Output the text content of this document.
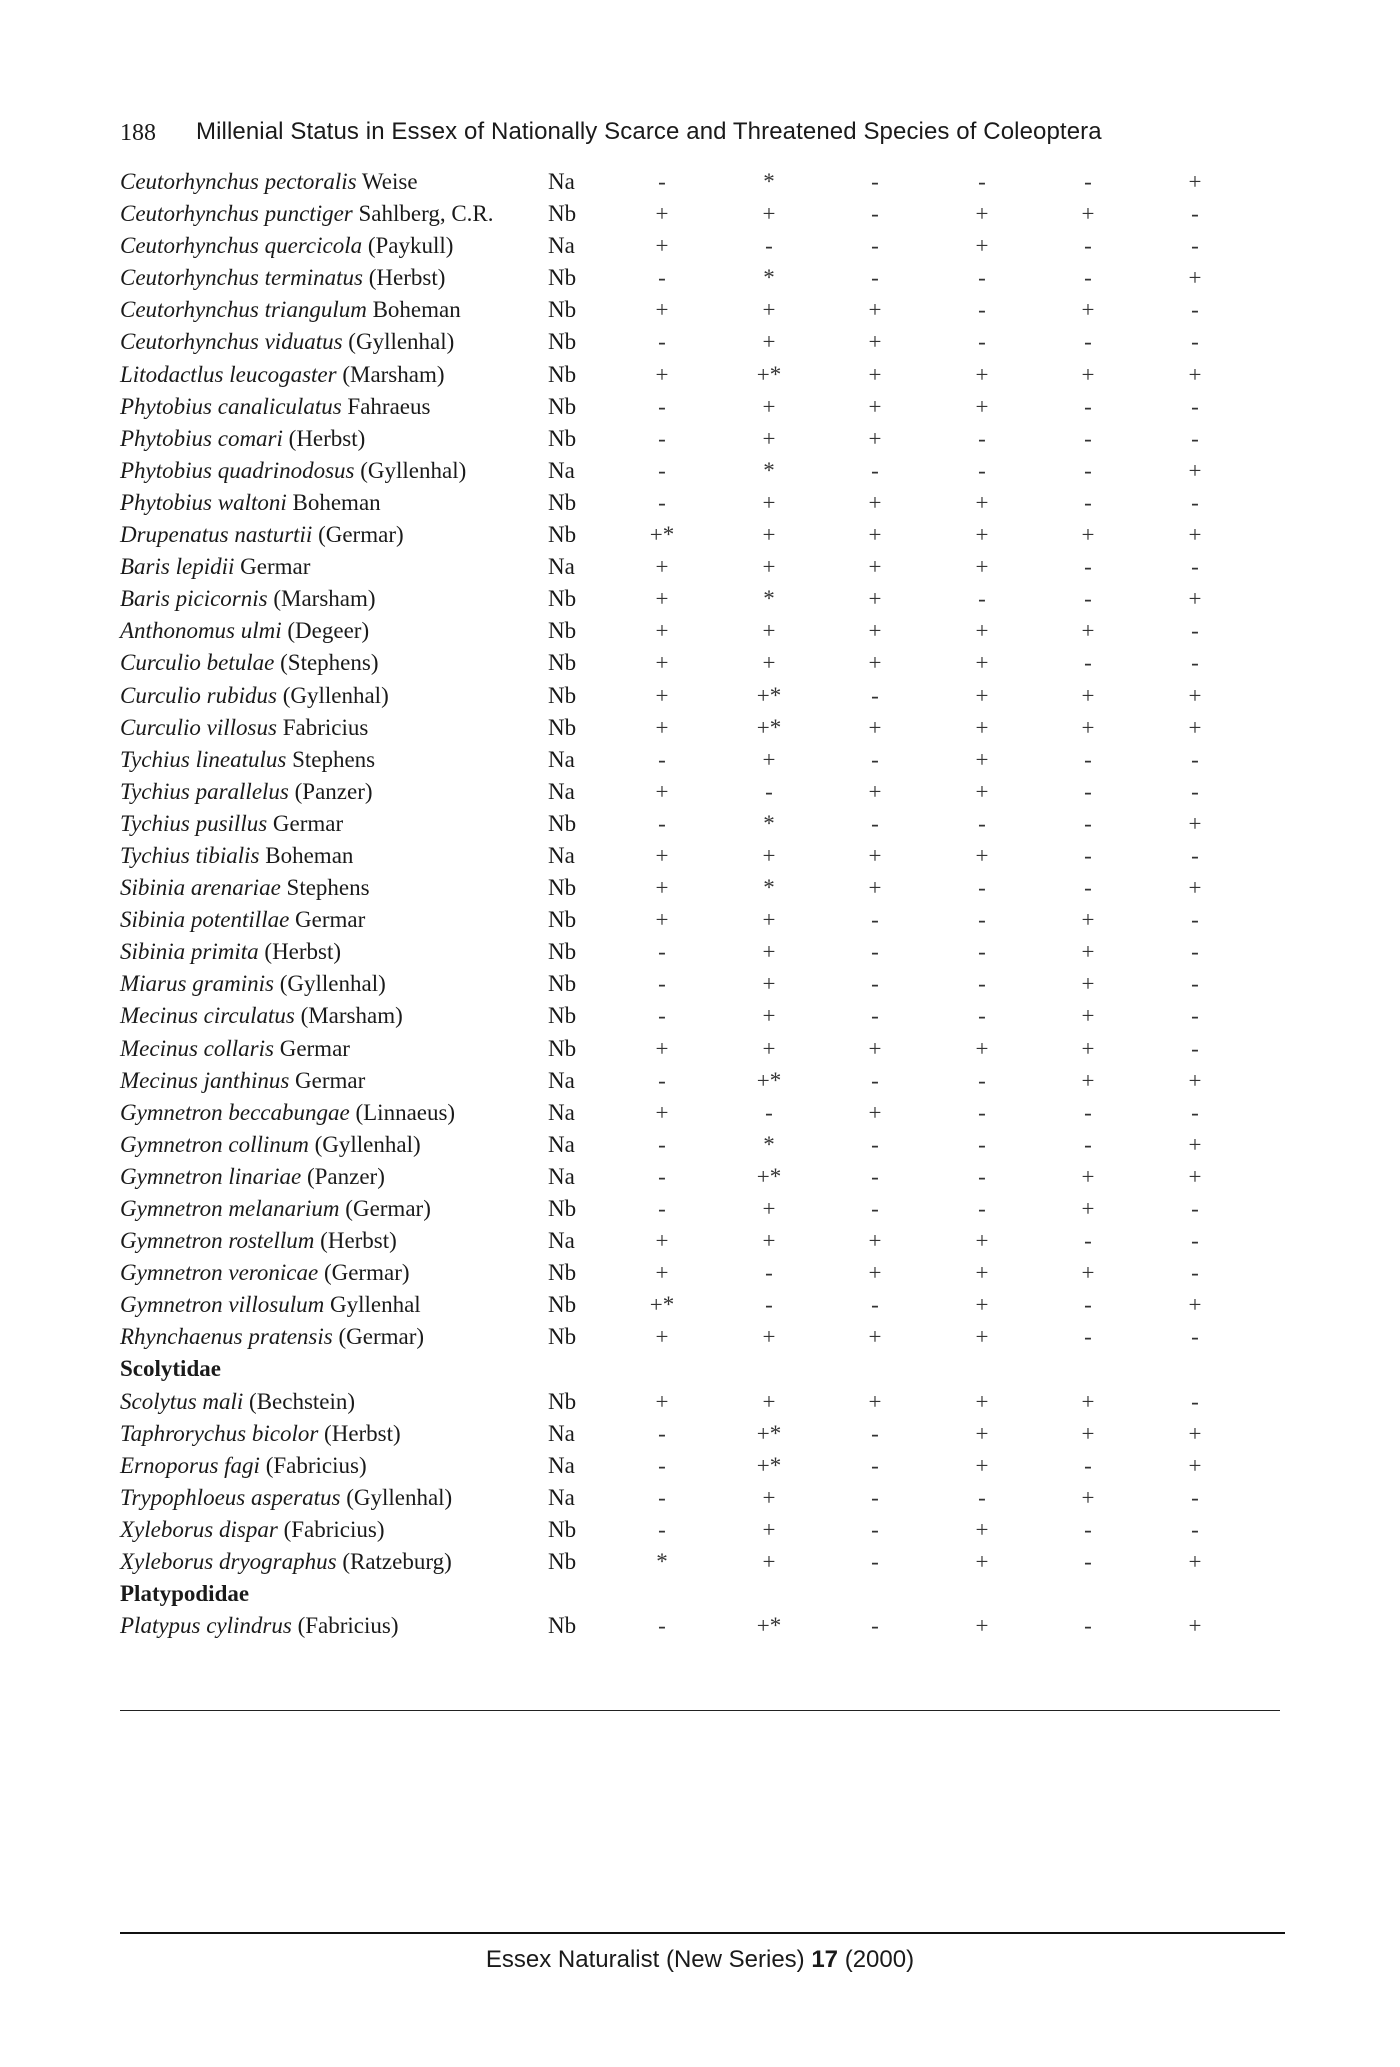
188 Millenial Status in Essex of Nationally Scarce and Threatened Species of Coleoptera
Ceutorhynchus pectoralis Weise	Na	-	*	-	-	-	+
Ceutorhynchus punctiger Sahlberg, C.R. Nb	+	+	-	+	+	-
Ceutorhynchus quercicola (Paykull)	Na	+	-	-	+	-	-
Ceutorhynchus terminatus (Herbst)	Nb	-	*	-	-	-	+
Ceutorhynchus triangulum Boheman	Nb	+	+	+	-	+	-
Ceutorhynchus viduatus (Gyllenhal)	Nb	-	+	+	-	-	-
Litodactlus leucogaster (Marsham)	Nb	+	+*	+	+	+	+
Phytobius canaliculatus Fahraeus	Nb	-	+	+	+	-	-
Phytobius comari (Herbst)	Nb	-	+	+	-	-	-
Phytobius quadrinodosus (Gyllenhal)	Na	-	*	-	-	-	+
Phytobius waltoni Boheman	Nb	-	+	+	+	-	-
Drupenatus nasturtii (Germar)	Nb	+*	+	+	+	+	+
Baris lepidii Germar	Na	+	+	+	+	-	-
Baris picicornis (Marsham)	Nb	+	*	+	-	-	+
Anthonomus ulmi (Degeer)	Nb	+	+	+	+	+	-
Curculio betulae (Stephens)	Nb	+	+	+	+	-	-
Curculio rubidus (Gyllenhal)	Nb	+	+*	-	+	+	+
Curculio villosus Fabricius	Nb	+	+*	+	+	+	+
Tychius lineatulus Stephens	Na	-	+	-	+	-	-
Tychius parallelus (Panzer)	Na	+	-	+	+	-	-
Tychius pusillus Germar	Nb	-	*	-	-	-	+
Tychius tibialis Boheman	Na	+	+	+	+	-	-
Sibinia arenariae Stephens	Nb	+	*	+	-	-	+
Sibinia potentillae Germar	Nb	+	+	-	-	+	-
Sibinia primita (Herbst)	Nb	-	+	-	-	+	-
Miarus graminis (Gyllenhal)	Nb	-	+	-	-	+	-
Mecinus circulatus (Marsham)	Nb	-	+	-	-	+	-
Mecinus collaris Germar	Nb	+	+	+	+	+	-
Mecinus janthinus Germar	Na	-	+*	-	-	+	+
Gymnetron beccabungae (Linnaeus)	Na	+	-	+	-	-	-
Gymnetron collinum (Gyllenhal)	Na	-	*	-	-	-	+
Gymnetron linariae (Panzer)	Na	-	+*	-	-	+	+
Gymnetron melanarium (Germar)	Nb	-	+	-	-	+	-
Gymnetron rostellum (Herbst)	Na	+	+	+	+	-	-
Gymnetron veronicae (Germar)	Nb	+	-	+	+	+	-
Gymnetron villosulum Gyllenhal	Nb	+*	-	-	+	-	+
Rhynchaenus pratensis (Germar)	Nb	+	+	+	+	-	-
Scolytidae
Scolytus mali (Bechstein)	Nb	+	+	+	+	+	-
Taphrorychus bicolor (Herbst)	Na	-	+*	-	+	+	+
Ernoporus fagi (Fabricius)	Na	-	+*	-	+	-	+
Trypophloeus asperatus (Gyllenhal)	Na	-	+	-	-	+	-
Xyleborus dispar (Fabricius)	Nb	-	+	-	+	-	-
Xyleborus dryographus (Ratzeburg)	Nb	*	+	-	+	-	+
Platypodidae
Platypus cylindrus (Fabricius)	Nb	-	+*	-	+	-	+
Essex Naturalist (New Series) 17 (2000)
